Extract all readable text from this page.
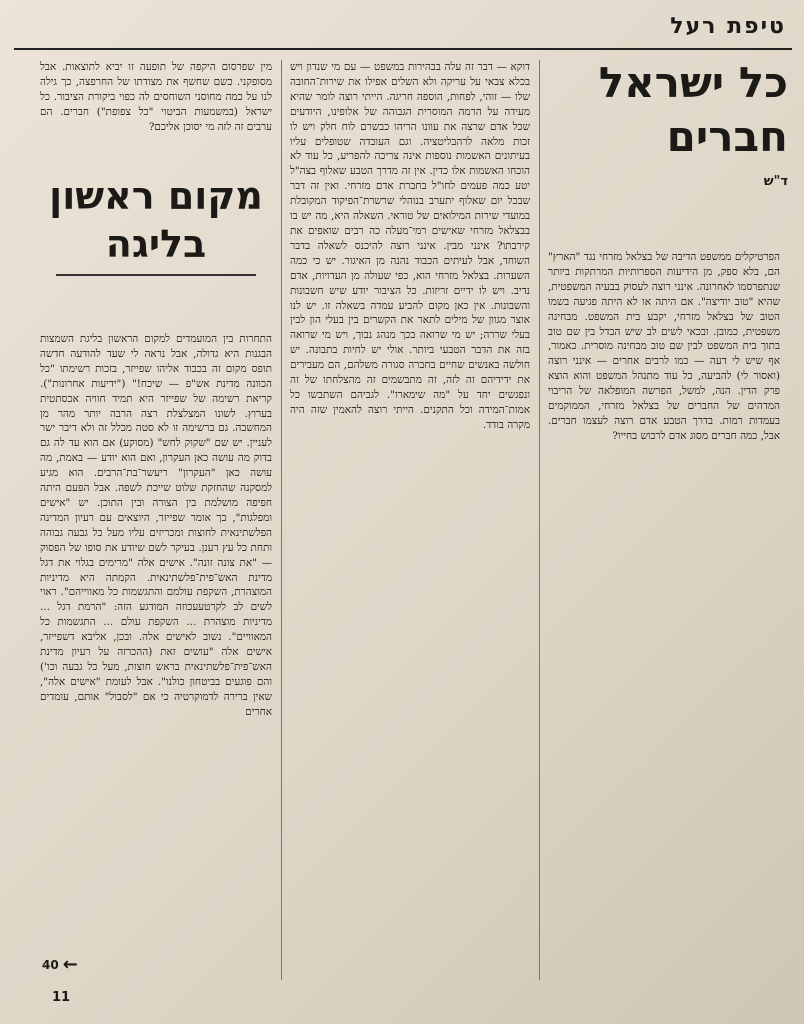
טיפת רעל
כל ישראל חברים
ד"ש

הפרטיקלים ממשפט הדיבה של בצלאל מזרחי נגד "הארץ" הם, בלא ספק, מן הידיעות הספרותיות המרתקות ביותר שנתפרסמו לאחרונה. אינני רוצה לעסוק בבעיה המשפטית, שהיא "טוב יודיצה". אם היתה או לא היתה פגיעה בשמו הטוב של בצלאל מזרחי, יקבע בית המשפט. מבחינה משפטית, כמובן. ובכאי לשים לב שיש הבדל בין שם טוב בתוך בית המשפט לבין שם טוב מבחינה מוסרית. כאמור, אף שיש לי דעה — כמו לרבים אחרים — אינני רוצה (ואסור לי) להביעה, כל עוד מתנהל המשפט והוא הוצא פרק הדין. הנה, למשל, הפרשה המופלאה של הריבוי המדהים של החברים של בצלאל מזרחי, הממוקמים בעמדות רמות. בדרך הטבע אדם רוצה לעצמו חברים. אבל, כמה חברים מסוג אדם לרכוש בחייו?

דוקא — דבר זה עלה בבהירות במשפט — עם מי שנדון ויש בכלא צבאי על עריקה ולא השלים אפילו את שירות־החובה שלו — זוהי, לפחות, הוספה חריגה. הייתי רוצה לומר שהיא מעידה על הרמה המוסרית הגבוהה של אלופינו, היודעים שכל אדם שרצה את עוונו הריהו כבשרם לוח חלק ויש לו זכות מלאה לרהבליטציה. וגם העובדה שטופלים עליו בעיתונים האשמות נוספות אינה צריכה להפריע, כל עוד לא הוכחו האשמות אלו כדין. אין זה מדרך הטבע שאלוף בצה"ל יטע כמה פעמים לחו"ל בחברת אדם מזרחי. ואין זה דבר שבכל יום שאלוף יתערב בנוהלי שרשרת־הפיקוד המקובלת במועדי שירות המילואים של טוראי. השאלה היא, מה יש בו בבצלאל מזרחי שאישים רמי־מעלה כה רבים שואפים את קירבתו? אינני מבין. אינני רוצה להיכנס לשאלה בדבר השוחד, אבל לעיתים הכבוד נהנה מן האיגור. יש כי כמה השערות. בצלאל מזרחי הוא, כפי שעולה מן העדויות, אדם נדיב. ויש לו ידיים זריזות. כל הציבור יודע שיש חשבונות והשבונות. אין כאן מקום להביע עמדה בשאלה זו. יש לנו אוצר מגוון של מילים לתאר את הקשרים בין בעלי הון לבין בעלי שררה; יש מי שרואה בכך מנהג נבוך, ויש מי שרואה בזה את הדבר הטבעי ביותר. אולי יש לחיות בתבונה. יש חולשה באנשים שחיים בחברה סגורה משלהם, הם מעבירים את ידידיהם זה לזה, זה מתבשמים זה מהצלחתו של זה ונפגשים יחד על "מה שימארו". לגביהם השתבשו כל אמות־המידה וכל התקנים. הייתי רוצה להאמין שזה היה מקרה בודד.

מין שפרסום היקפה של תופעה זו יביא לתוצאות. אבל מסופקני. כשם שחשף את מצודתו של החרפצה, כך גילה לנו על כמה מחוסני השוחסים לה כפוי ביקורת הציבור. כל ישראל (במשמעות הביטוי "כל צפופת") חברים. הם ערבים זה לזה מי יסוכן אליכם?

מקום ראשון בליגה

התחרות בין המועמדים למקום הראשון בליגת השמצות הבגנות היא גדולה, אבל נראה לי שעד להודעה חדשה תופס מקום זה בכבוד אליהו שפייזר, בזכות רשימתו "כל הכוונה מדינת אש"פ — שיכח!" ("ידיעות אחרונות"). קריאת רשימה של שפייזר היא תמיד חוויה אכסתטית בערוץ. לשונו המצלצלת רצה הרבה יותר מהר מן המחשבה. גם ברשימה זו לא סטה מכלל זה ולא דיבר ישר לעניין. יש שם "שקוק לחש" (מסוקע) אם הוא עד לה גם בדוק מה עושה כאן העקרון, ואם הוא יודע — באמת, מה עושה כאן "העקרון" ריעשר־בת־הרבים. הוא מגיע למסקנה שהחזקת שלוט שייכת לשפה. אבל הפעם היתה חפיפה מושלמת בין הצורה ובין התוכן. יש "אישים ומפלגות", כך אומר שפייזר, היוצאים עם רעיון המדינה הפלשתינאית לחוצות ומכריזים עליו מעל כל גבעה גבוהה ותחת כל עץ רענן. בעיקר לשם שיודע את סופו של הפסוק — "את צונה זונה". אישים אלה "מרימים בגלוי את דגל מדינת האש־פית־פלשתינאית. הקמתה היא מדיניות המוצהרת, השקפת עולמם והתגשמות כל מאווייהם". ראוי לשים לב לקרטעעכוזה המודגע הזה: "הרמת דגל ... מדיניות מוצהרת ... השקפת עולם ... התגשמות כל המאוויים". נשוב לאישים אלה. ובכן, אליבא דשפייזר, אישים אלה "עושים זאת (ההכרזה על רעיון מדינת האש־פית־פלשתינאית בראש חוצות, מעל כל גבעה וכו') והם פוגעים בביטחון כולנו". אבל לעומת "אישים אלה", שאין ברירה לדמוקרטיה כי אם "לסבול" אותם, עומדים אחרים

40 ←
11
